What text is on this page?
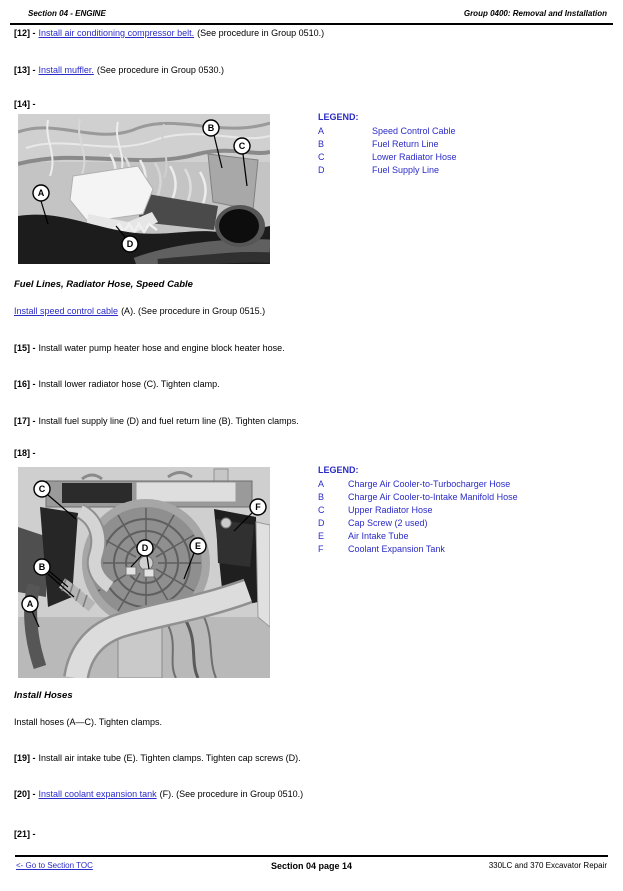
Section 04 - ENGINE	Group 0400: Removal and Installation
[12] - Install air conditioning compressor belt. (See procedure in Group 0510.)
[13] - Install muffler. (See procedure in Group 0530.)
[14] -
A
B
C
D
LEGEND:
A	Speed Control Cable
B	Fuel Return Line
C	Lower Radiator Hose
D	Fuel Supply Line
Fuel Lines, Radiator Hose, Speed Cable
Install speed control cable (A). (See procedure in Group 0515.)
[15] - Install water pump heater hose and engine block heater hose.
[16] - Install lower radiator hose (C). Tighten clamp.
[17] - Install fuel supply line (D) and fuel return line (B). Tighten clamps.
[18] -
C
F
D	E
B
A
LEGEND:
A	Charge Air Cooler-to-Turbocharger Hose
B	Charge Air Cooler-to-Intake Manifold Hose
C	Upper Radiator Hose
D	Cap Screw (2 used)
E	Air Intake Tube
F	Coolant Expansion Tank
Install Hoses
Install hoses (A—C). Tighten clamps.
[19] - Install air intake tube (E). Tighten clamps. Tighten cap screws (D).
[20] - Install coolant expansion tank (F). (See procedure in Group 0510.)
[21] -
<- Go to Section TOC	Section 04 page 14	330LC and 370 Excavator Repair
